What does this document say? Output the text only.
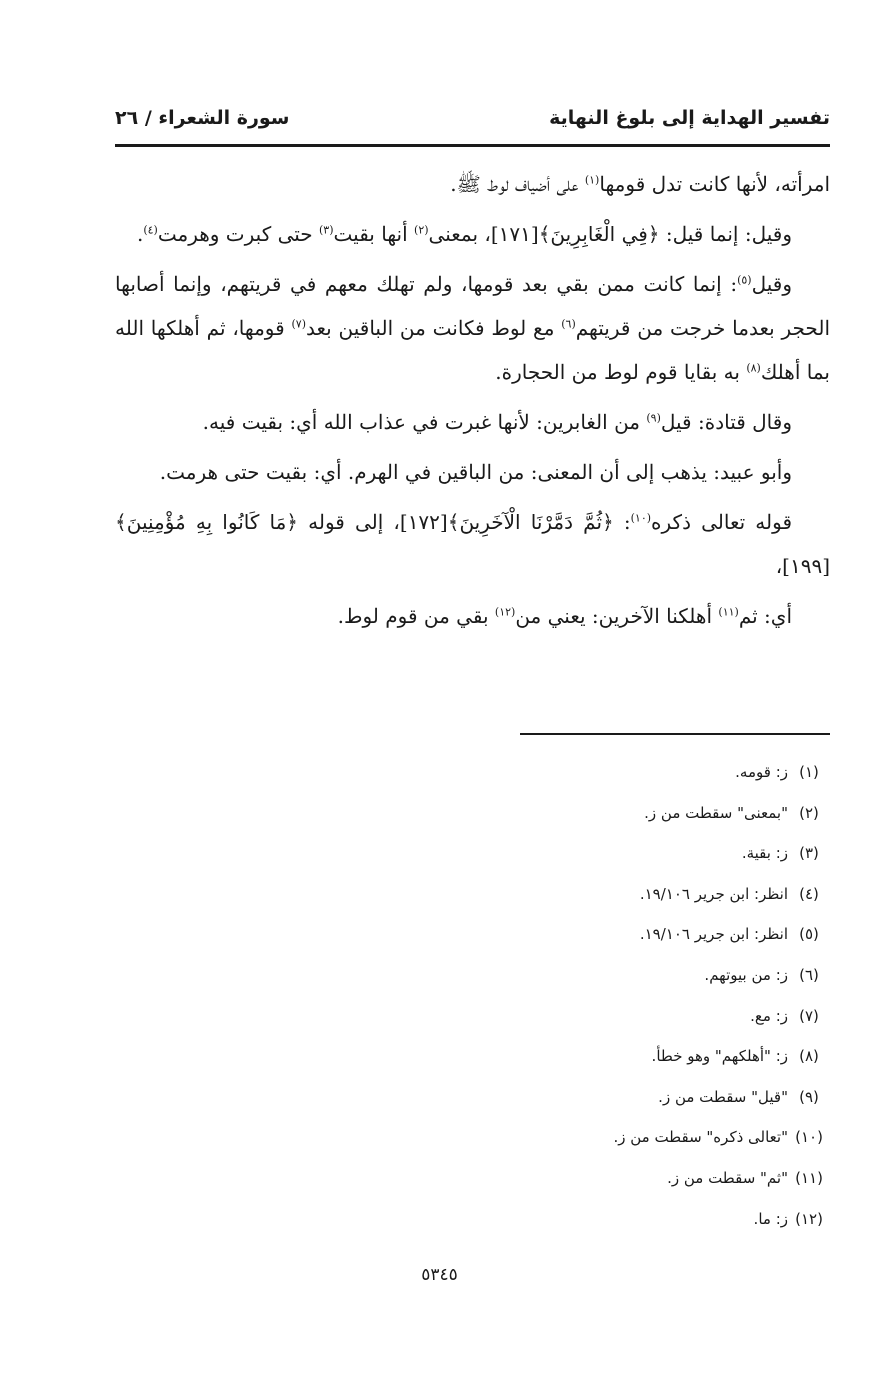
تفسير الهداية إلى بلوغ النهاية
سورة الشعراء / ٢٦

امرأته، لأنها كانت تدل قومها$^{(١)}$ على أضياف لوط ﷺ.

وقيل: إنما قيل: ﴿فِي الْغَابِرِينَ﴾[١٧١]، بمعنى$^{(٢)}$ أنها بقيت$^{(٣)}$ حتى كبرت وهرمت$^{(٤)}$.

وقيل$^{(٥)}$: إنما كانت ممن بقي بعد قومها، ولم تهلك معهم في قريتهم، وإنما أصابها الحجر بعدما خرجت من قريتهم$^{(٦)}$ مع لوط فكانت من الباقين بعد$^{(٧)}$ قومها، ثم أهلكها الله بما أهلك$^{(٨)}$ به بقايا قوم لوط من الحجارة.

وقال قتادة: قيل$^{(٩)}$ من الغابرين: لأنها غبرت في عذاب الله أي: بقيت فيه.

وأبو عبيد: يذهب إلى أن المعنى: من الباقين في الهرم. أي: بقيت حتى هرمت.

قوله تعالى ذكره$^{(١٠)}$: ﴿ثُمَّ دَمَّرْنَا الْآخَرِينَ﴾[١٧٢]، إلى قوله ﴿مَا كَانُوا بِهِ مُؤْمِنِينَ﴾[١٩٩]،

أي: ثم$^{(١١)}$ أهلكنا الآخرين: يعني من$^{(١٢)}$ بقي من قوم لوط.

(١)
ز: قومه.
(٢)
"بمعنى" سقطت من ز.
(٣)
ز: بقية.
(٤)
انظر: ابن جرير ١٩/١٠٦.
(٥)
انظر: ابن جرير ١٩/١٠٦.
(٦)
ز: من بيوتهم.
(٧)
ز: مع.
(٨)
ز: "أهلكهم" وهو خطأ.
(٩)
"قيل" سقطت من ز.
(١٠)
"تعالى ذكره" سقطت من ز.
(١١)
"ثم" سقطت من ز.
(١٢)
ز: ما.
٥٣٤٥
